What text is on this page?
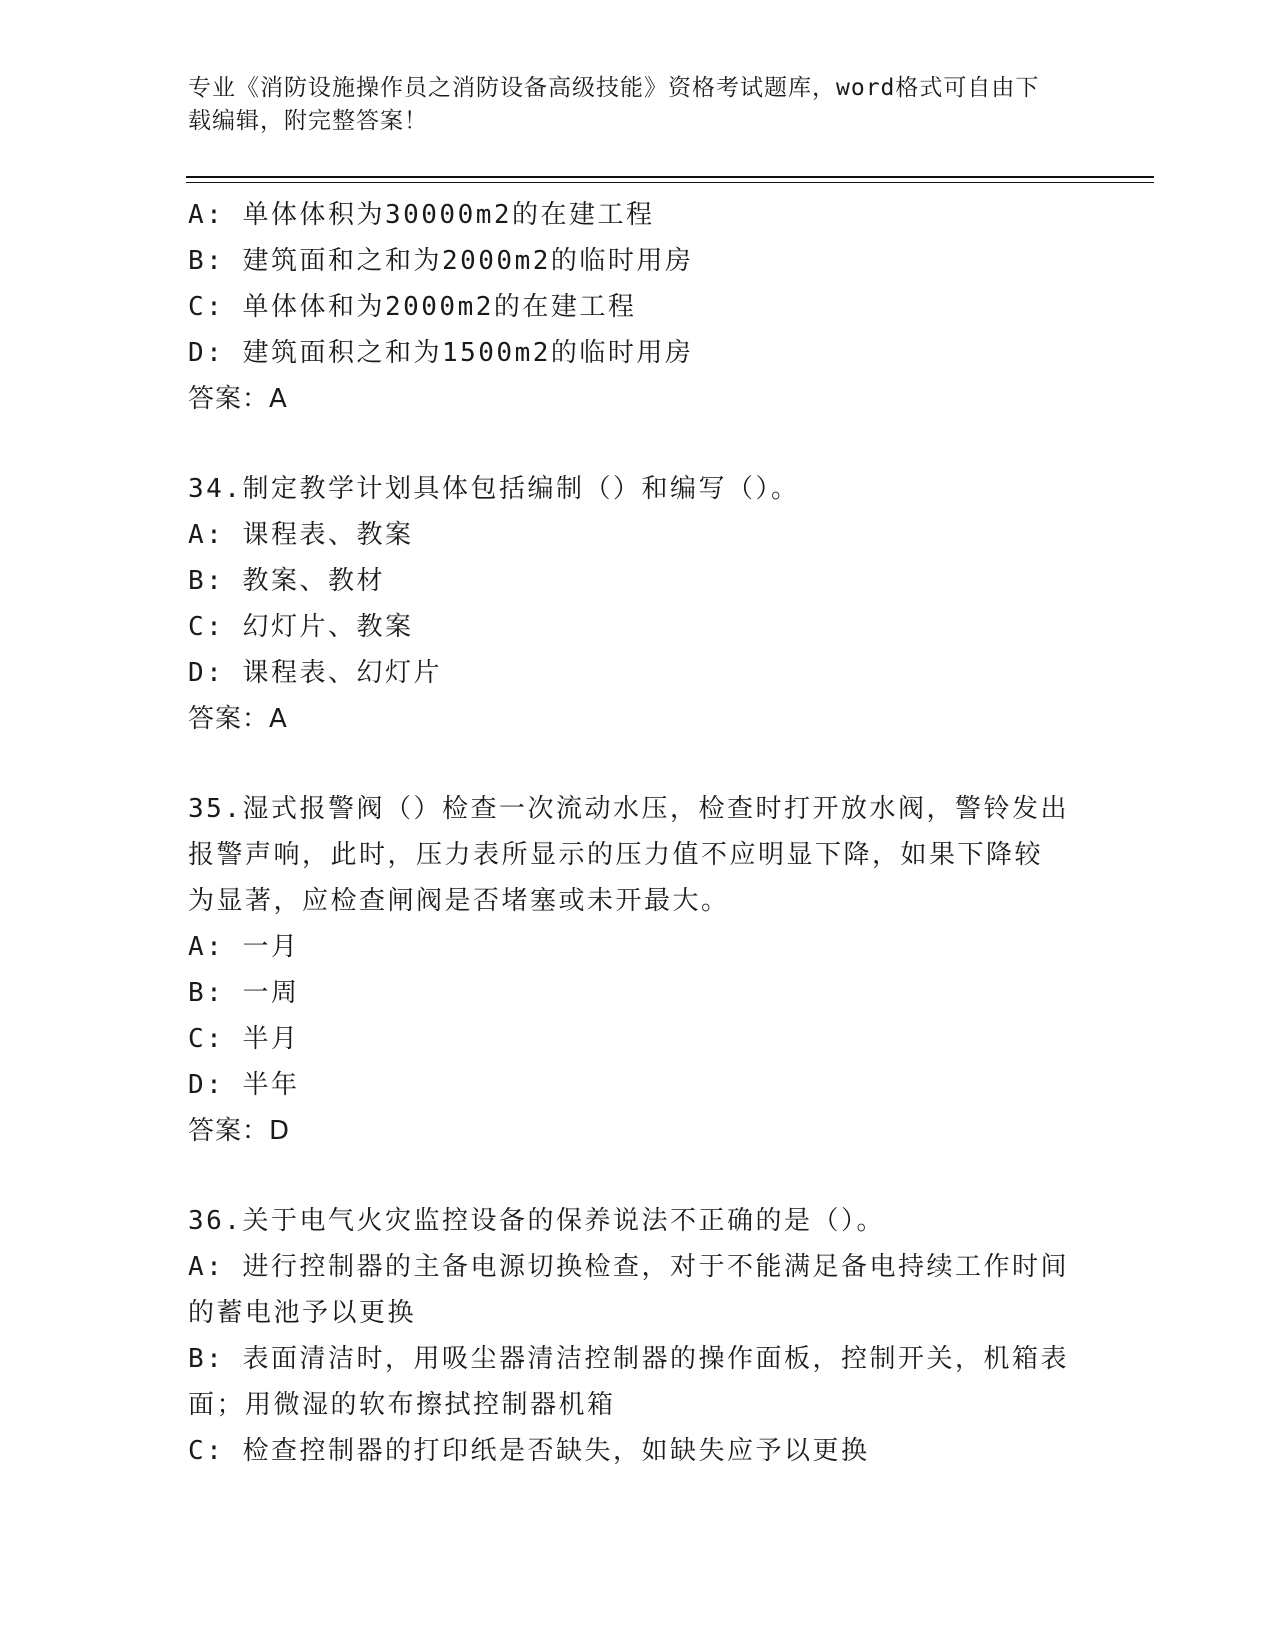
专业《消防设施操作员之消防设备高级技能》资格考试题库，word格式可自由下
载编辑，附完整答案！
A: 单体体积为30000m2的在建工程
B: 建筑面和之和为2000m2的临时用房
C: 单体体和为2000m2的在建工程
D: 建筑面积之和为1500m2的临时用房
答案：A
34.制定教学计划具体包括编制（）和编写（）。
A: 课程表、教案
B: 教案、教材
C: 幻灯片、教案
D: 课程表、幻灯片
答案：A
35.湿式报警阀（）检查一次流动水压，检查时打开放水阀，警铃发出
报警声响，此时，压力表所显示的压力值不应明显下降，如果下降较
为显著，应检查闸阀是否堵塞或未开最大。
A: 一月
B: 一周
C: 半月
D: 半年
答案：D
36.关于电气火灾监控设备的保养说法不正确的是（）。
A: 进行控制器的主备电源切换检查，对于不能满足备电持续工作时间
的蓄电池予以更换
B: 表面清洁时，用吸尘器清洁控制器的操作面板，控制开关，机箱表
面；用微湿的软布擦拭控制器机箱
C: 检查控制器的打印纸是否缺失，如缺失应予以更换
